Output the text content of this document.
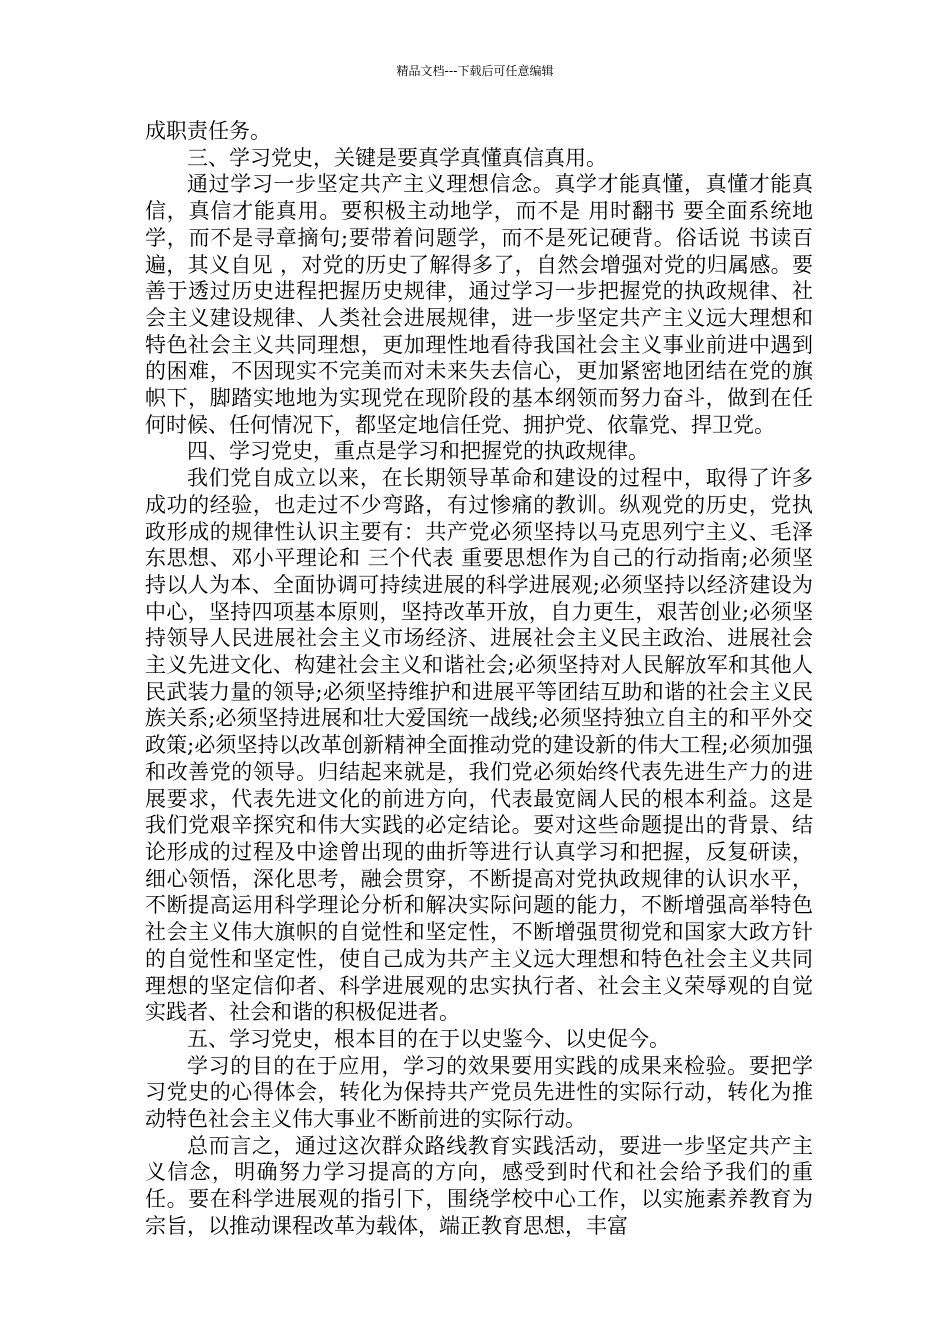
精品文档---下载后可任意编辑

成职责任务。

三、学习党史，关键是要真学真懂真信真用。

通过学习一步坚定共产主义理想信念。真学才能真懂，真懂才能真信，真信才能真用。要积极主动地学，而不是 用时翻书 要全面系统地学，而不是寻章摘句;要带着问题学，而不是死记硬背。俗话说 书读百遍，其义自见 ，对党的历史了解得多了，自然会增强对党的归属感。要善于透过历史进程把握历史规律，通过学习一步把握党的执政规律、社会主义建设规律、人类社会进展规律，进一步坚定共产主义远大理想和特色社会主义共同理想，更加理性地看待我国社会主义事业前进中遇到的困难，不因现实不完美而对未来失去信心，更加紧密地团结在党的旗帜下，脚踏实地地为实现党在现阶段的基本纲领而努力奋斗，做到在任何时候、任何情况下，都坚定地信任党、拥护党、依靠党、捍卫党。

四、学习党史，重点是学习和把握党的执政规律。

我们党自成立以来，在长期领导革命和建设的过程中，取得了许多成功的经验，也走过不少弯路，有过惨痛的教训。纵观党的历史，党执政形成的规律性认识主要有：共产党必须坚持以马克思列宁主义、毛泽东思想、邓小平理论和 三个代表 重要思想作为自己的行动指南;必须坚持以人为本、全面协调可持续进展的科学进展观;必须坚持以经济建设为中心，坚持四项基本原则，坚持改革开放，自力更生，艰苦创业;必须坚持领导人民进展社会主义市场经济、进展社会主义民主政治、进展社会主义先进文化、构建社会主义和谐社会;必须坚持对人民解放军和其他人民武装力量的领导;必须坚持维护和进展平等团结互助和谐的社会主义民族关系;必须坚持进展和壮大爱国统一战线;必须坚持独立自主的和平外交政策;必须坚持以改革创新精神全面推动党的建设新的伟大工程;必须加强和改善党的领导。归结起来就是，我们党必须始终代表先进生产力的进展要求，代表先进文化的前进方向，代表最宽阔人民的根本利益。这是我们党艰辛探究和伟大实践的必定结论。要对这些命题提出的背景、结论形成的过程及中途曾出现的曲折等进行认真学习和把握，反复研读，细心领悟，深化思考，融会贯穿，不断提高对党执政规律的认识水平，不断提高运用科学理论分析和解决实际问题的能力，不断增强高举特色社会主义伟大旗帜的自觉性和坚定性，不断增强贯彻党和国家大政方针的自觉性和坚定性，使自己成为共产主义远大理想和特色社会主义共同理想的坚定信仰者、科学进展观的忠实执行者、社会主义荣辱观的自觉实践者、社会和谐的积极促进者。

五、学习党史，根本目的在于以史鉴今、以史促今。

学习的目的在于应用，学习的效果要用实践的成果来检验。要把学习党史的心得体会，转化为保持共产党员先进性的实际行动，转化为推动特色社会主义伟大事业不断前进的实际行动。

总而言之，通过这次群众路线教育实践活动，要进一步坚定共产主义信念，明确努力学习提高的方向，感受到时代和社会给予我们的重任。要在科学进展观的指引下，围绕学校中心工作，以实施素养教育为宗旨，以推动课程改革为载体，端正教育思想，丰富
